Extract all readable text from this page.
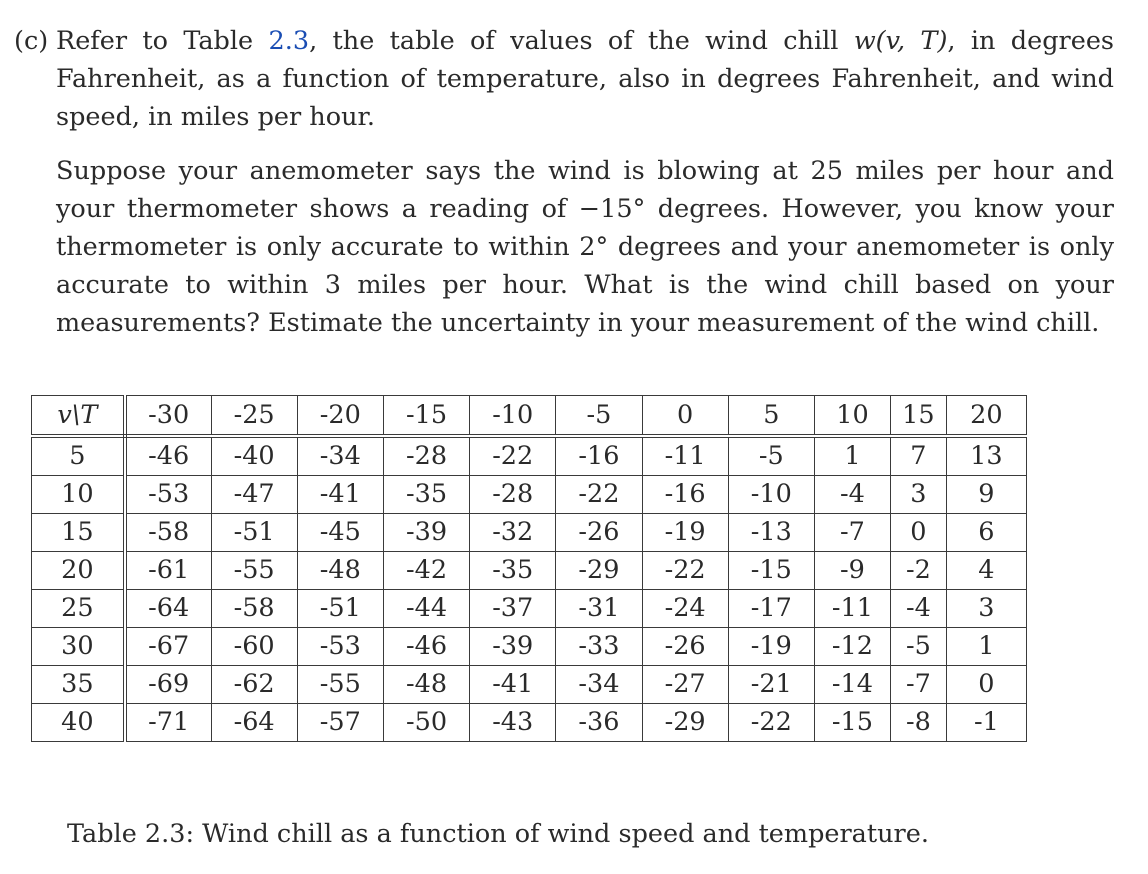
(c) Refer to Table 2.3, the table of values of the wind chill w(v, T), in degrees Fahrenheit, as a function of temperature, also in degrees Fahrenheit, and wind speed, in miles per hour.
Suppose your anemometer says the wind is blowing at 25 miles per hour and your thermometer shows a reading of −15° degrees. However, you know your thermometer is only accurate to within 2° degrees and your anemometer is only accurate to within 3 miles per hour. What is the wind chill based on your measurements? Estimate the uncertainty in your measurement of the wind chill.
v\T	-30	-25	-20	-15	-10	-5	0	5	10	15	20
5	-46	-40	-34	-28	-22	-16	-11	-5	1	7	13
10	-53	-47	-41	-35	-28	-22	-16	-10	-4	3	9
15	-58	-51	-45	-39	-32	-26	-19	-13	-7	0	6
20	-61	-55	-48	-42	-35	-29	-22	-15	-9	-2	4
25	-64	-58	-51	-44	-37	-31	-24	-17	-11	-4	3
30	-67	-60	-53	-46	-39	-33	-26	-19	-12	-5	1
35	-69	-62	-55	-48	-41	-34	-27	-21	-14	-7	0
40	-71	-64	-57	-50	-43	-36	-29	-22	-15	-8	-1
Table 2.3: Wind chill as a function of wind speed and temperature.
